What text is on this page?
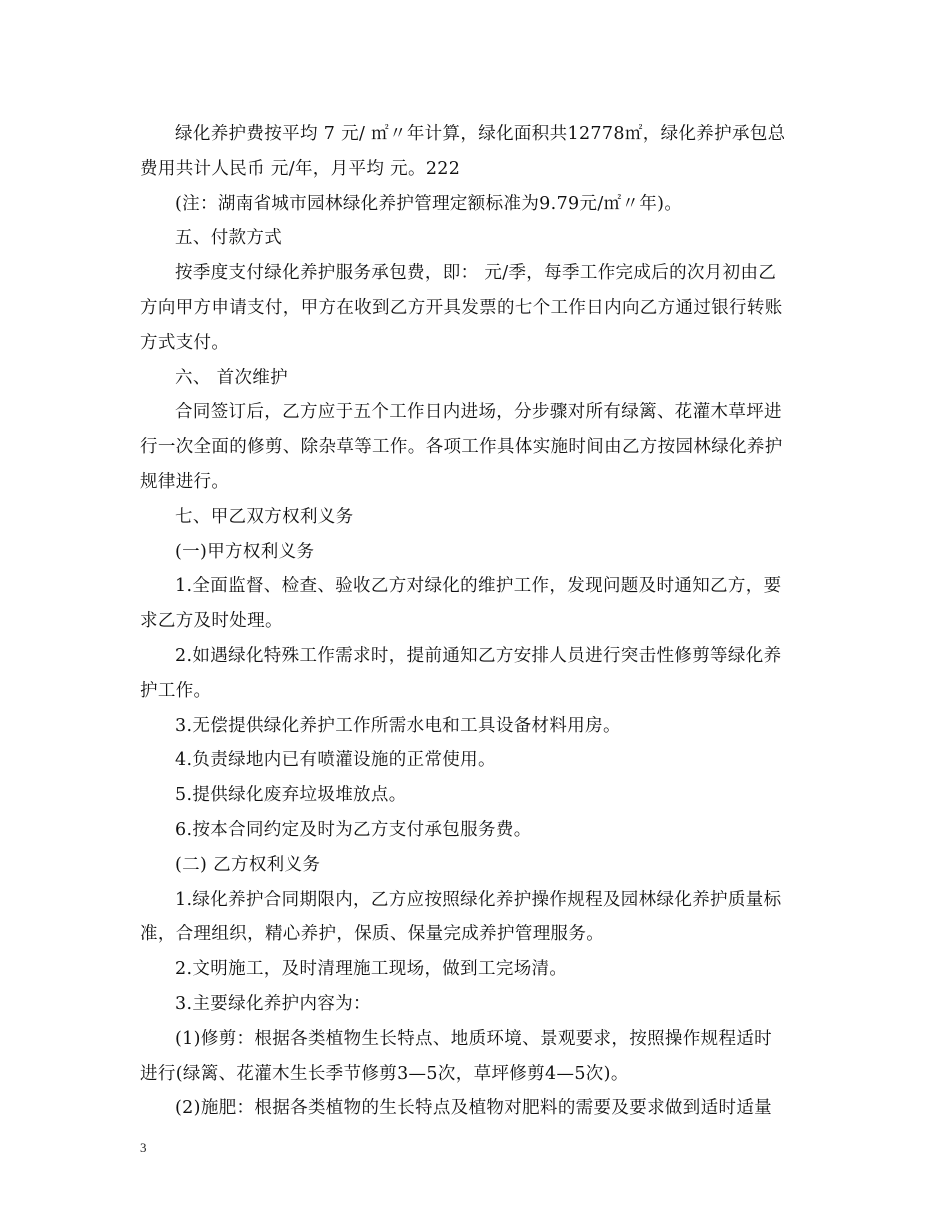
绿化养护费按平均 7 元/ ㎡〃年计算，绿化面积共12778㎡，绿化养护承包总
费用共计人民币 元/年，月平均 元。222
(注：湖南省城市园林绿化养护管理定额标准为9.79元/㎡〃年)。
五、付款方式
按季度支付绿化养护服务承包费，即： 元/季，每季工作完成后的次月初由乙
方向甲方申请支付，甲方在收到乙方开具发票的七个工作日内向乙方通过银行转账
方式支付。
六、 首次维护
合同签订后，乙方应于五个工作日内进场，分步骤对所有绿篱、花灌木草坪进
行一次全面的修剪、除杂草等工作。各项工作具体实施时间由乙方按园林绿化养护
规律进行。
七、甲乙双方权利义务
(一)甲方权利义务
1.全面监督、检查、验收乙方对绿化的维护工作，发现问题及时通知乙方，要
求乙方及时处理。
2.如遇绿化特殊工作需求时，提前通知乙方安排人员进行突击性修剪等绿化养
护工作。
3.无偿提供绿化养护工作所需水电和工具设备材料用房。
4.负责绿地内已有喷灌设施的正常使用。
5.提供绿化废弃垃圾堆放点。
6.按本合同约定及时为乙方支付承包服务费。
(二) 乙方权利义务
1.绿化养护合同期限内，乙方应按照绿化养护操作规程及园林绿化养护质量标
准，合理组织，精心养护，保质、保量完成养护管理服务。
2.文明施工，及时清理施工现场，做到工完场清。
3.主要绿化养护内容为：
(1)修剪：根据各类植物生长特点、地质环境、景观要求，按照操作规程适时
进行(绿篱、花灌木生长季节修剪3—5次，草坪修剪4—5次)。
(2)施肥：根据各类植物的生长特点及植物对肥料的需要及要求做到适时适量
3
